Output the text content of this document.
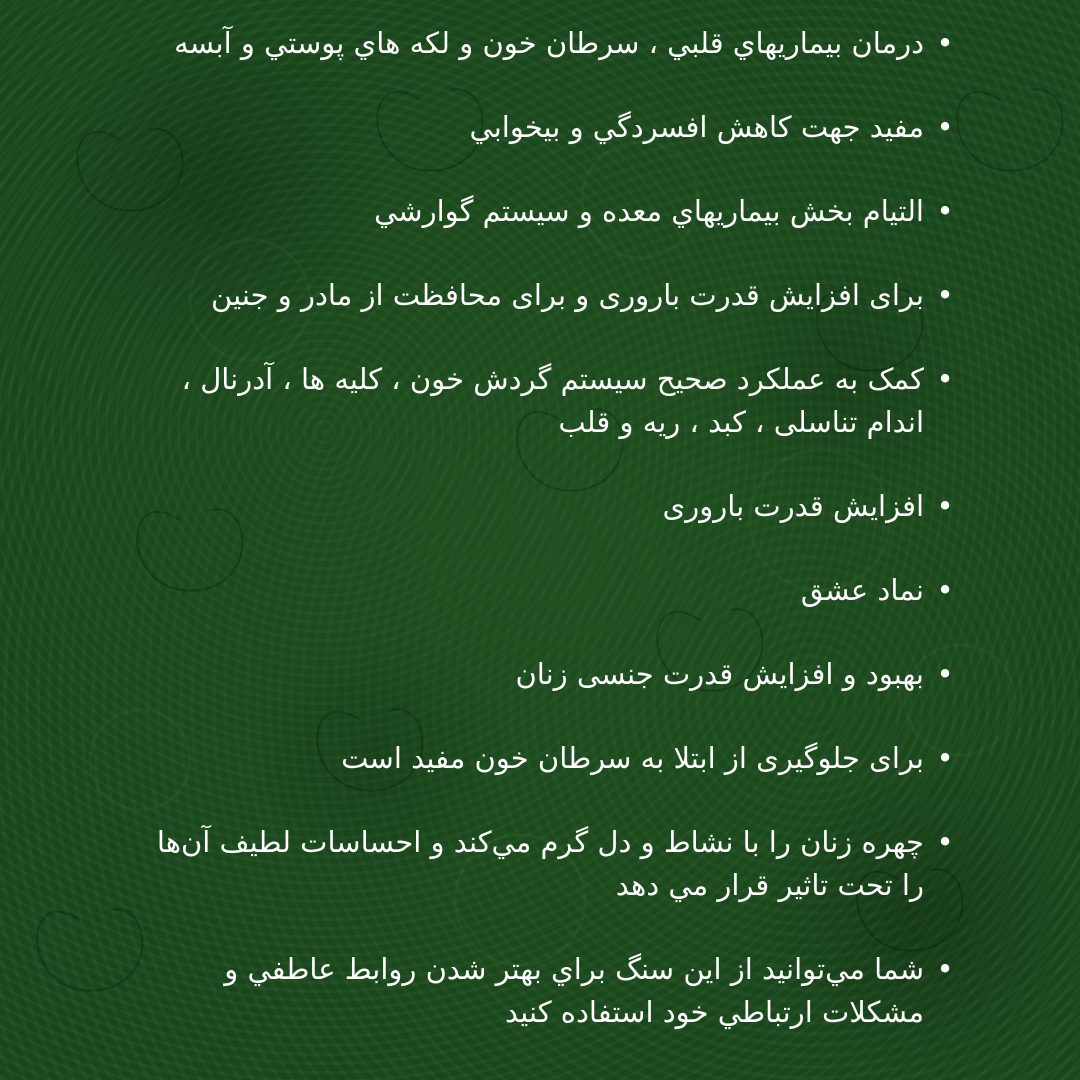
•
درمان بيماريهاي قلبي ، سرطان خون و لكه هاي پوستي و آبسه
•
مفيد جهت كاهش افسردگي و بيخوابي
•
التيام بخش بيماريهاي معده و سيستم گوارشي
•
برای افزایش قدرت باروری و برای محافظت از مادر و جنین
•
کمک به عملکرد صحیح سیستم گردش خون ، کلیه ها ، آدرنال ،
اندام تناسلی ، کبد ، ریه و قلب
•
افزایش قدرت باروری
•
نماد عشق
•
بهبود و افزایش قدرت جنسی زنان
•
برای جلوگیری از ابتلا به سرطان خون مفید است
•
چهره زنان را با نشاط و دل گرم مي‌كند و احساسات لطيف آن‌ها
را تحت تاثير قرار مي دهد
•
شما مي‌توانيد از اين سنگ براي بهتر شدن روابط عاطفي و
مشكلات ارتباطي خود استفاده كنيد
